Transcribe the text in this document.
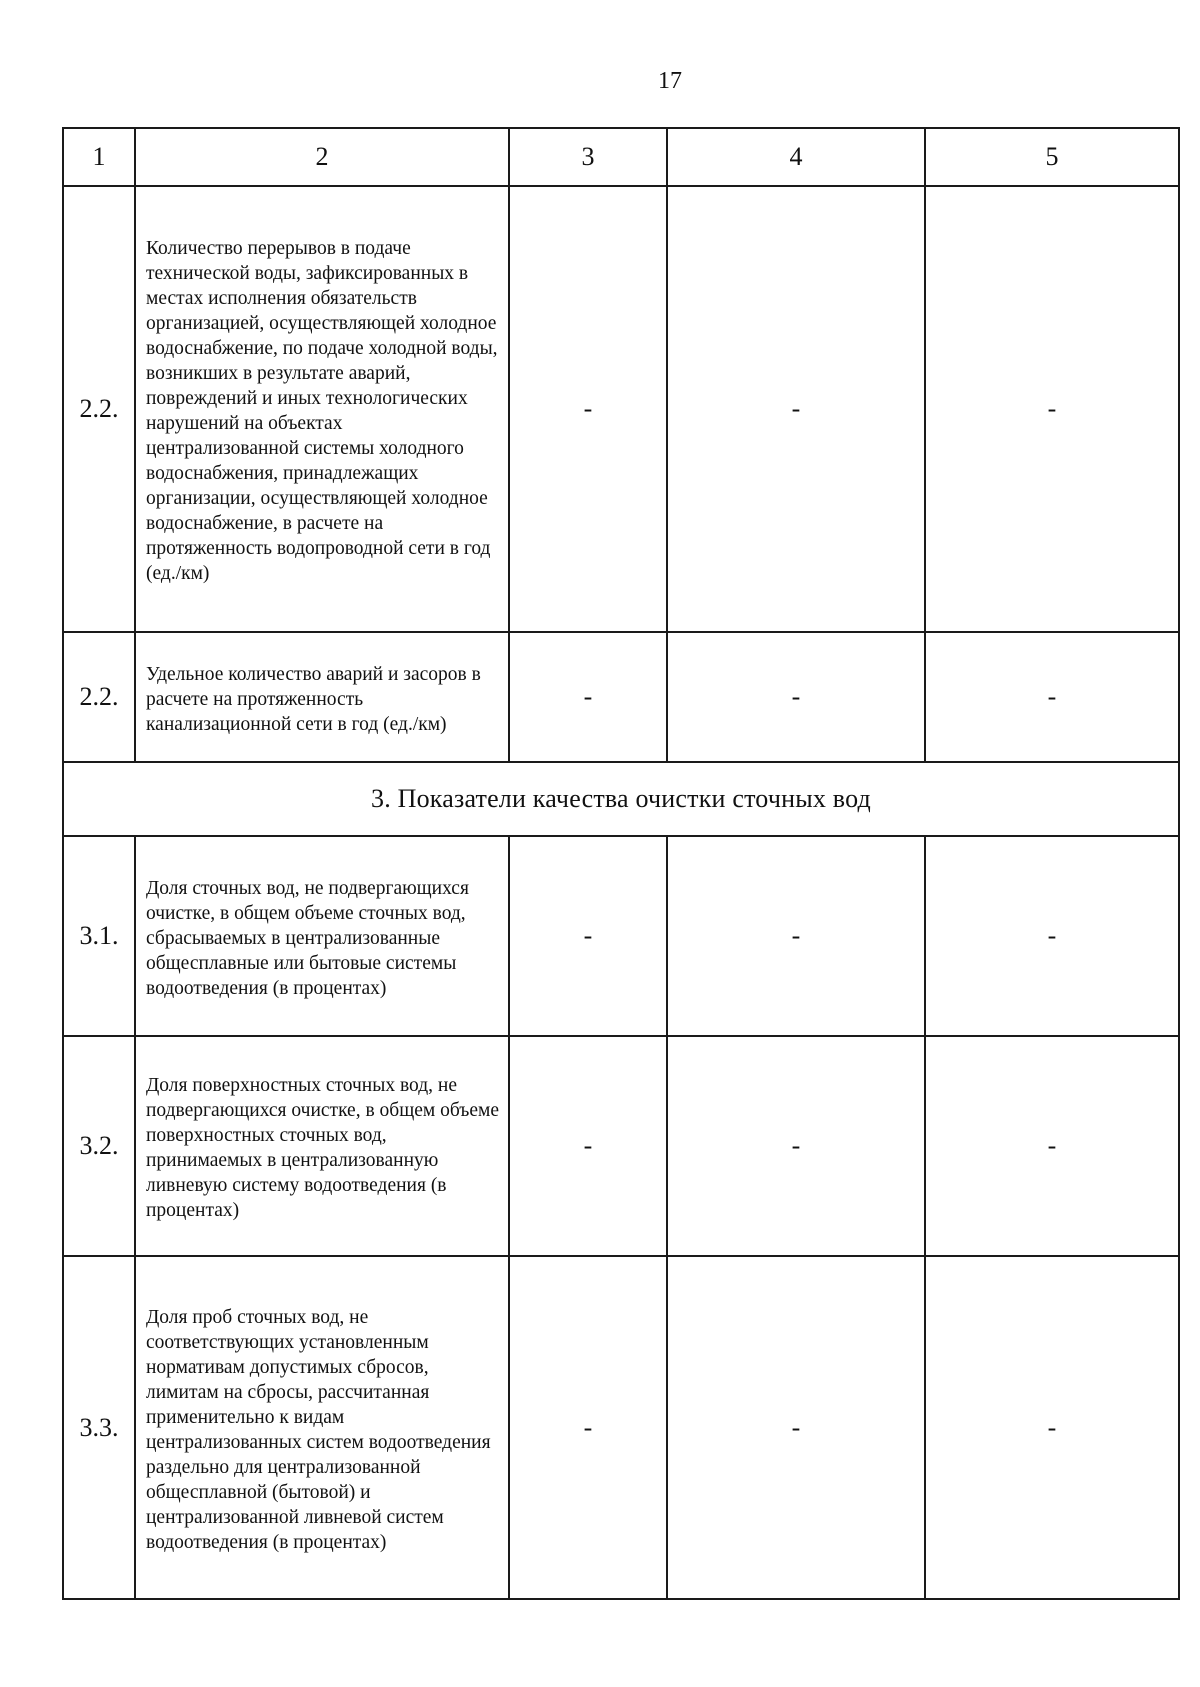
17
1	2	3	4	5
2.2.	Количество перерывов в подаче технической воды, зафиксированных в местах исполнения обязательств организацией, осуществляющей холодное водоснабжение, по подаче холодной воды, возникших в результате аварий, повреждений и иных технологических нарушений на объектах централизованной системы холодного водоснабжения, принадлежащих организации, осуществляющей холодное водоснабжение, в расчете на протяженность водопроводной сети в год (ед./км)	-	-	-
2.2.	Удельное количество аварий и засоров в расчете на протяженность канализационной сети в год (ед./км)	-	-	-
3. Показатели качества очистки сточных вод				
3.1.	Доля сточных вод, не подвергающихся очистке, в общем объеме сточных вод, сбрасываемых в централизованные общесплавные или бытовые системы водоотведения (в процентах)	-	-	-
3.2.	Доля поверхностных сточных вод, не подвергающихся очистке, в общем объеме поверхностных сточных вод, принимаемых в централизованную ливневую систему водоотведения (в процентах)	-	-	-
3.3.	Доля проб сточных вод, не соответствующих установленным нормативам допустимых сбросов, лимитам на сбросы, рассчитанная применительно к видам централизованных систем водоотведения раздельно для централизованной общесплавной (бытовой) и централизованной ливневой систем водоотведения (в процентах)	-	-	-
